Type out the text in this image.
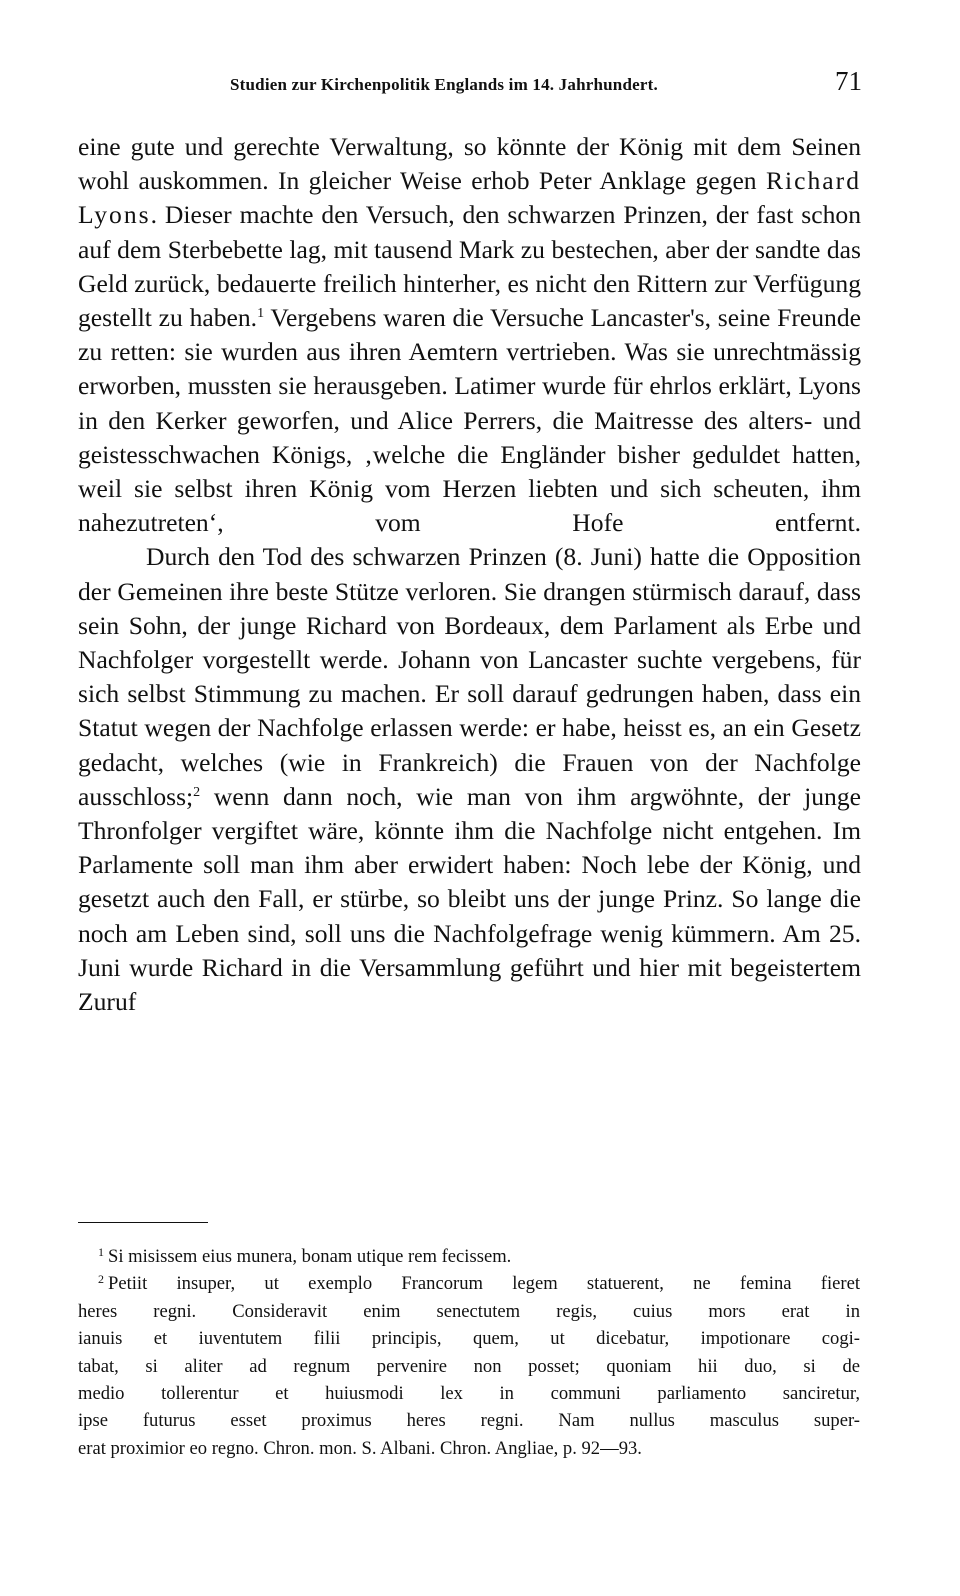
Studien zur Kirchenpolitik Englands im 14. Jahrhundert.	71

eine gute und gerechte Verwaltung, so könnte der König mit dem Seinen wohl auskommen. In gleicher Weise erhob Peter Anklage gegen Richard Lyons. Dieser machte den Versuch, den schwarzen Prinzen, der fast schon auf dem Sterbebette lag, mit tausend Mark zu bestechen, aber der sandte das Geld zurück, bedauerte freilich hinterher, es nicht den Rittern zur Verfügung gestellt zu haben.$^1$ Vergebens waren die Versuche Lancaster's, seine Freunde zu retten: sie wurden aus ihren Aemtern vertrieben. Was sie unrechtmässig erworben, mussten sie herausgeben. Latimer wurde für ehrlos erklärt, Lyons in den Kerker geworfen, und Alice Perrers, die Maitresse des alters- und geistesschwachen Königs, ‚welche die Engländer bisher geduldet hatten, weil sie selbst ihren König vom Herzen liebten und sich scheuten, ihm nahezutreten‘, vom Hofe entfernt.

Durch den Tod des schwarzen Prinzen (8. Juni) hatte die Opposition der Gemeinen ihre beste Stütze verloren. Sie drangen stürmisch darauf, dass sein Sohn, der junge Richard von Bordeaux, dem Parlament als Erbe und Nachfolger vorgestellt werde. Johann von Lancaster suchte vergebens, für sich selbst Stimmung zu machen. Er soll darauf gedrungen haben, dass ein Statut wegen der Nachfolge erlassen werde: er habe, heisst es, an ein Gesetz gedacht, welches (wie in Frankreich) die Frauen von der Nachfolge ausschloss;$^2$ wenn dann noch, wie man von ihm argwöhnte, der junge Thronfolger vergiftet wäre, könnte ihm die Nachfolge nicht entgehen. Im Parlamente soll man ihm aber erwidert haben: Noch lebe der König, und gesetzt auch den Fall, er stürbe, so bleibt uns der junge Prinz. So lange die noch am Leben sind, soll uns die Nachfolgefrage wenig kümmern. Am 25. Juni wurde Richard in die Versammlung geführt und hier mit begeistertem Zuruf

$^1$ Si misissem eius munera, bonam utique rem fecissem.
$^2$ Petiit insuper, ut exemplo Francorum legem statuerent, ne femina fieret
heres regni. Consideravit enim senectutem regis, cuius mors erat in
ianuis et iuventutem filii principis, quem, ut dicebatur, impotionare cogi-
tabat, si aliter ad regnum pervenire non posset; quoniam hii duo, si de
medio tollerentur et huiusmodi lex in communi parliamento sanciretur,
ipse futurus esset proximus heres regni. Nam nullus masculus super-
erat proximior eo regno. Chron. mon. S. Albani. Chron. Angliae, p. 92—93.
